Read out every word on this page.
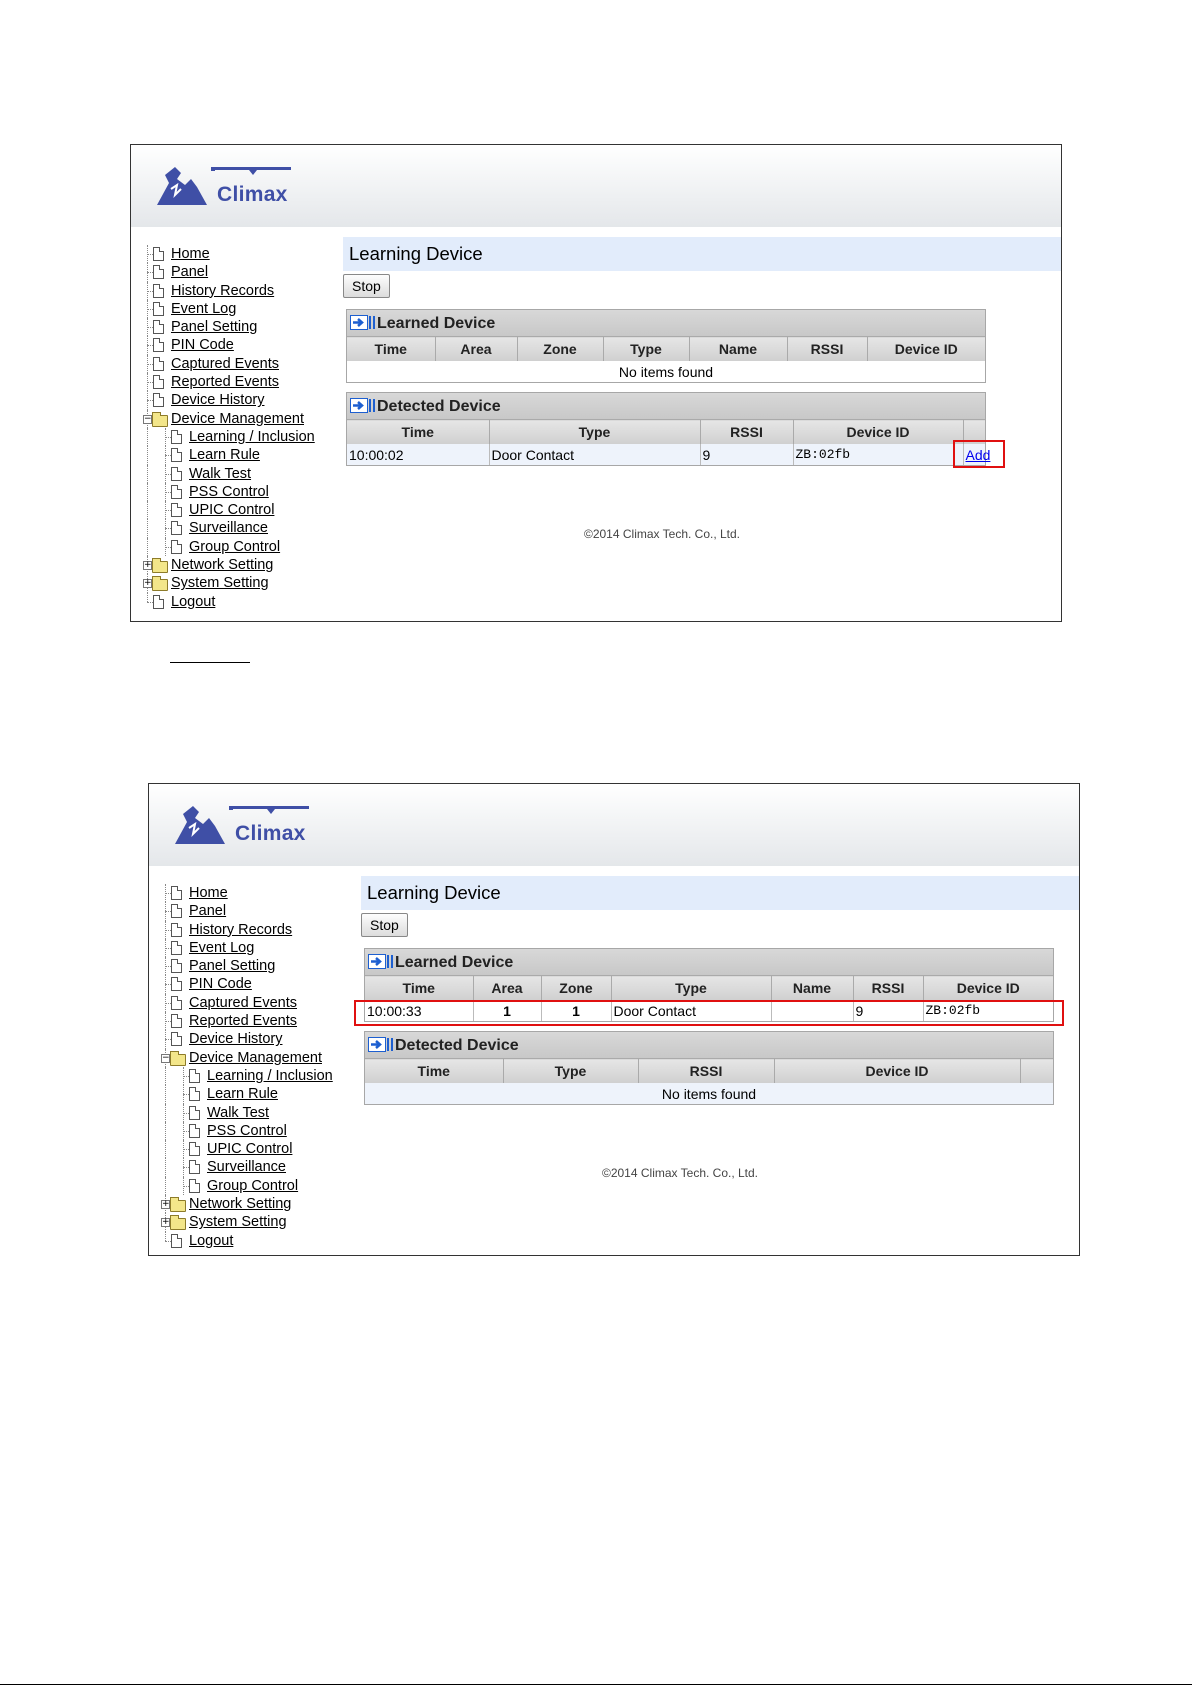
Climax
Home
Panel
History Records
Event Log
Panel Setting
PIN Code
Captured Events
Reported Events
Device History
− Device Management
Learning / Inclusion
Learn Rule
Walk Test
PSS Control
UPIC Control
Surveillance
Group Control
+ Network Setting
+ System Setting
Logout
Learning Device
Stop
Learned Device
Time	Area	Zone	Type	Name	RSSI	Device ID
No items found
Detected Device
Time	Type	RSSI	Device ID	
10:00:02	Door Contact	9	ZB:02fb	Add
©2014 Climax Tech. Co., Ltd.
Climax
Home
Panel
History Records
Event Log
Panel Setting
PIN Code
Captured Events
Reported Events
Device History
− Device Management
Learning / Inclusion
Learn Rule
Walk Test
PSS Control
UPIC Control
Surveillance
Group Control
+ Network Setting
+ System Setting
Logout
Learning Device
Stop
Learned Device
Time	Area	Zone	Type	Name	RSSI	Device ID
10:00:33	1	1	Door Contact		9	ZB:02fb
Detected Device
Time	Type	RSSI	Device ID	
No items found
©2014 Climax Tech. Co., Ltd.
